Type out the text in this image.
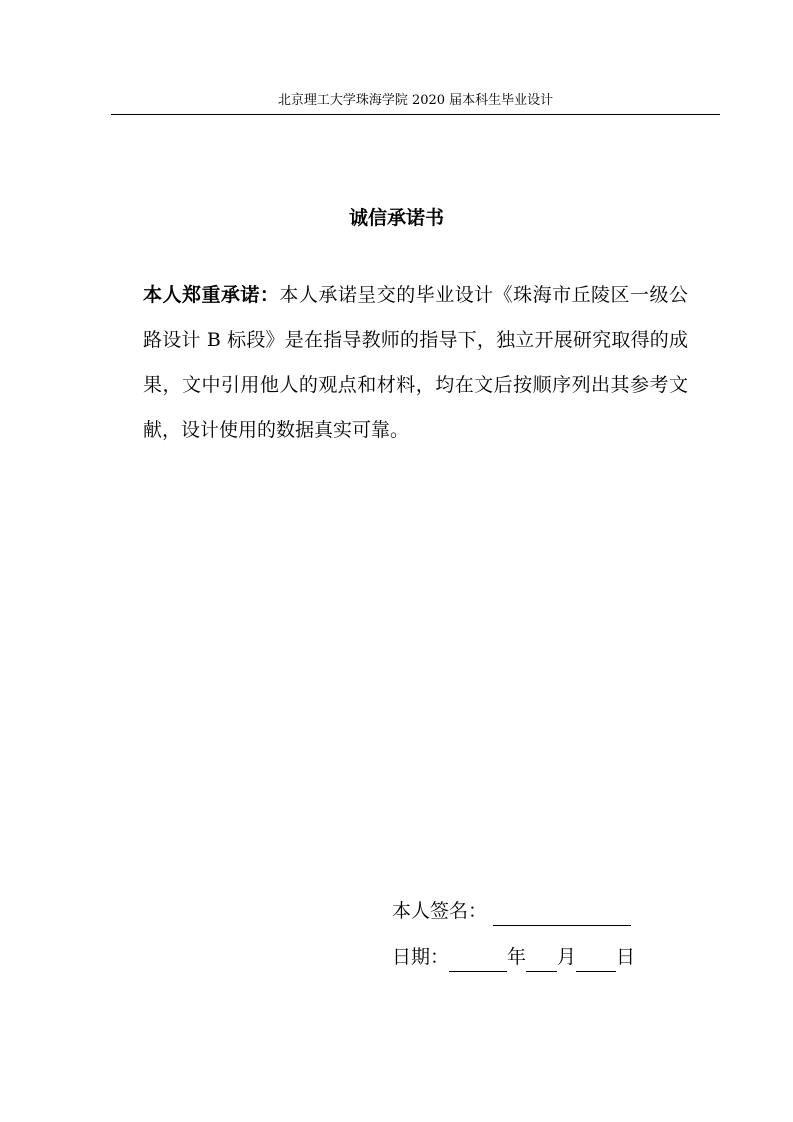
北京理工大学珠海学院 2020 届本科生毕业设计
诚信承诺书

本人郑重承诺：本人承诺呈交的毕业设计《珠海市丘陵区一级公路设计 B 标段》是在指导教师的指导下，独立开展研究取得的成果，文中引用他人的观点和材料，均在文后按顺序列出其参考文献，设计使用的数据真实可靠。

本人签名：
日期：	年 月 日
